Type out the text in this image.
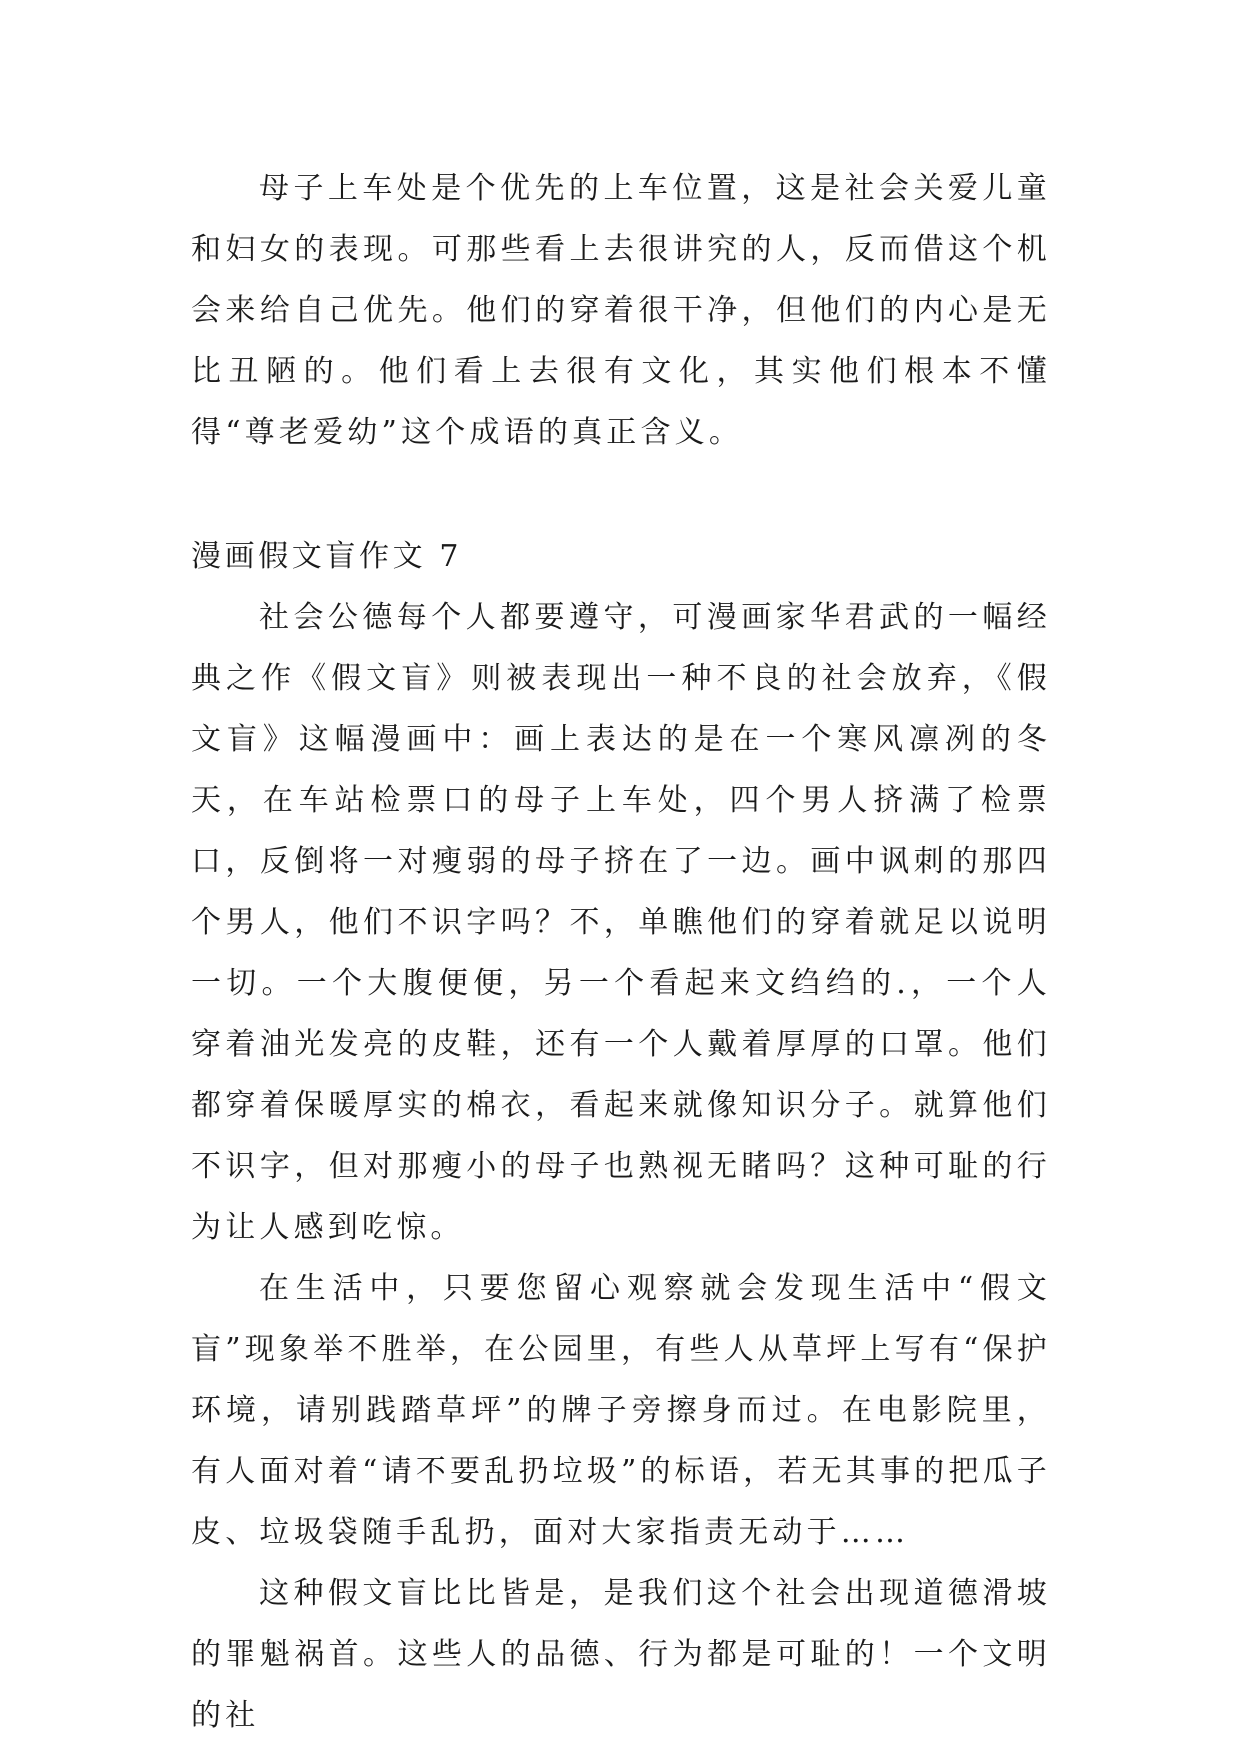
母子上车处是个优先的上车位置，这是社会关爱儿童和妇女的表现。可那些看上去很讲究的人，反而借这个机会来给自己优先。他们的穿着很干净，但他们的内心是无比丑陋的。他们看上去很有文化，其实他们根本不懂得“尊老爱幼”这个成语的真正含义。

漫画假文盲作文 7

社会公德每个人都要遵守，可漫画家华君武的一幅经典之作《假文盲》则被表现出一种不良的社会放弃，《假文盲》这幅漫画中：画上表达的是在一个寒风凛冽的冬天，在车站检票口的母子上车处，四个男人挤满了检票口，反倒将一对瘦弱的母子挤在了一边。画中讽刺的那四个男人，他们不识字吗？不，单瞧他们的穿着就足以说明一切。一个大腹便便，另一个看起来文绉绉的.，一个人穿着油光发亮的皮鞋，还有一个人戴着厚厚的口罩。他们都穿着保暖厚实的棉衣，看起来就像知识分子。就算他们不识字，但对那瘦小的母子也熟视无睹吗？这种可耻的行为让人感到吃惊。

在生活中，只要您留心观察就会发现生活中“假文盲”现象举不胜举，在公园里，有些人从草坪上写有“保护环境，请别践踏草坪”的牌子旁擦身而过。在电影院里，有人面对着“请不要乱扔垃圾”的标语，若无其事的把瓜子皮、垃圾袋随手乱扔，面对大家指责无动于……

这种假文盲比比皆是，是我们这个社会出现道德滑坡的罪魁祸首。这些人的品德、行为都是可耻的！一个文明的社
